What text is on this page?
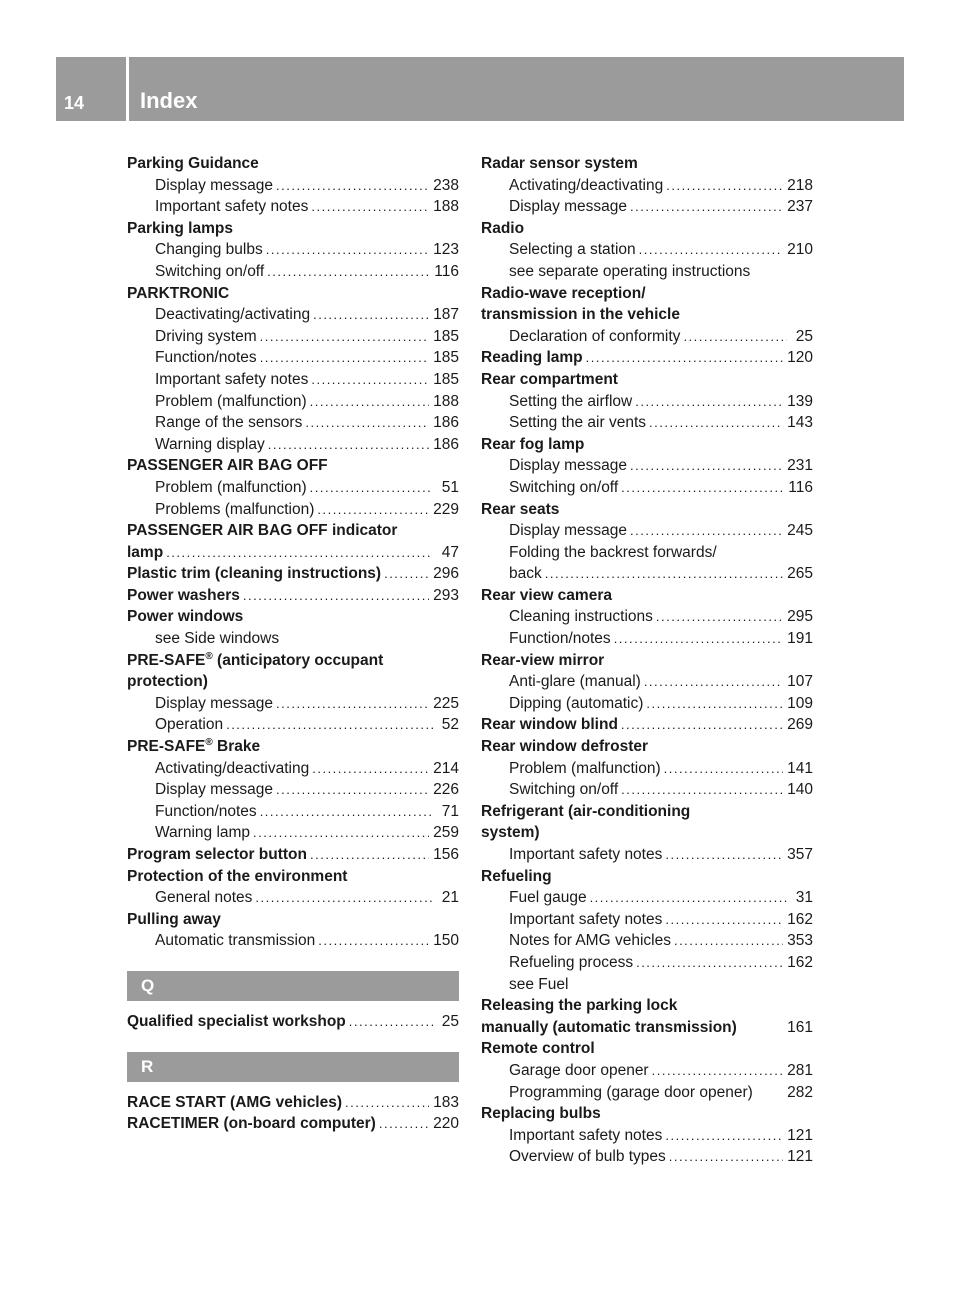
14	Index
Parking Guidance
Display message .....	238
Important safety notes .....	188
Parking lamps
Changing bulbs .....	123
Switching on/off .....	116
PARKTRONIC
Deactivating/activating .....	187
Driving system .....	185
Function/notes .....	185
Important safety notes .....	185
Problem (malfunction) .....	188
Range of the sensors .....	186
Warning display .....	186
PASSENGER AIR BAG OFF
Problem (malfunction) .....	51
Problems (malfunction) .....	229
PASSENGER AIR BAG OFF indicator
lamp .....	47
Plastic trim (cleaning instructions) .....	296
Power washers .....	293
Power windows
see Side windows
PRE-SAFE® (anticipatory occupant
protection)
Display message .....	225
Operation .....	52
PRE-SAFE® Brake
Activating/deactivating .....	214
Display message .....	226
Function/notes .....	71
Warning lamp .....	259
Program selector button .....	156
Protection of the environment
General notes .....	21
Pulling away
Automatic transmission .....	150
Q
Qualified specialist workshop .....	25
R
RACE START (AMG vehicles) .....	183
RACETIMER (on-board computer) .....	220
Radar sensor system
Activating/deactivating .....	218
Display message .....	237
Radio
Selecting a station .....	210
see separate operating instructions
Radio-wave reception/
transmission in the vehicle
Declaration of conformity .....	25
Reading lamp .....	120
Rear compartment
Setting the airflow .....	139
Setting the air vents .....	143
Rear fog lamp
Display message .....	231
Switching on/off .....	116
Rear seats
Display message .....	245
Folding the backrest forwards/
back .....	265
Rear view camera
Cleaning instructions .....	295
Function/notes .....	191
Rear-view mirror
Anti-glare (manual) .....	107
Dipping (automatic) .....	109
Rear window blind .....	269
Rear window defroster
Problem (malfunction) .....	141
Switching on/off .....	140
Refrigerant (air-conditioning
system)
Important safety notes .....	357
Refueling
Fuel gauge .....	31
Important safety notes .....	162
Notes for AMG vehicles .....	353
Refueling process .....	162
see Fuel
Releasing the parking lock
manually (automatic transmission)	161
Remote control
Garage door opener .....	281
Programming (garage door opener) 282
Replacing bulbs
Important safety notes .....	121
Overview of bulb types .....	121
